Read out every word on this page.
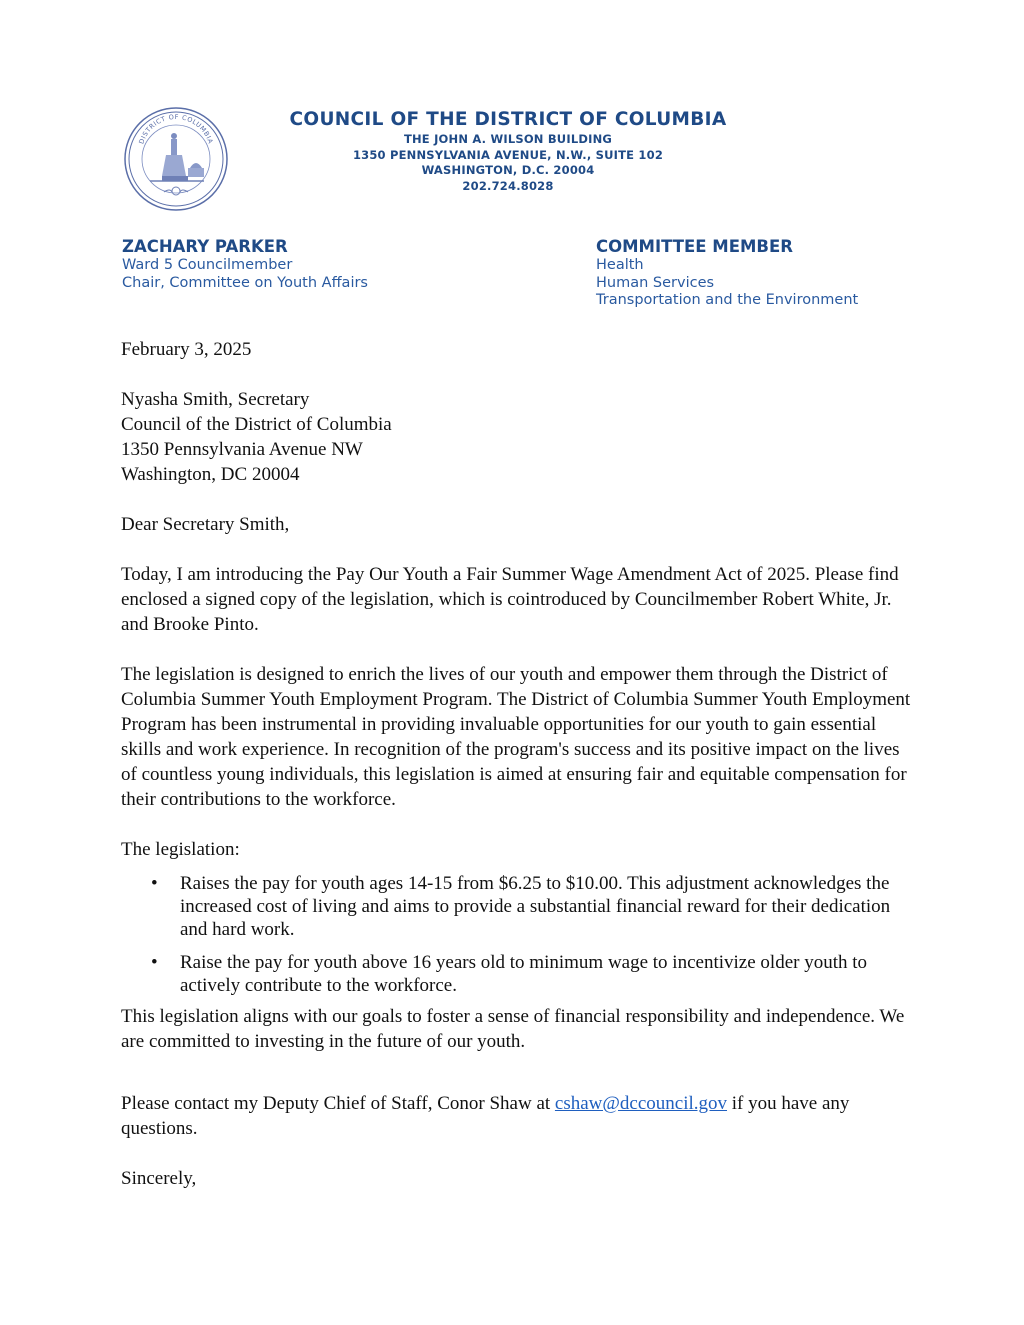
DISTRICT OF COLUMBIA
COUNCIL OF THE DISTRICT OF COLUMBIA
THE JOHN A. WILSON BUILDING
1350 PENNSYLVANIA AVENUE, N.W., SUITE 102
WASHINGTON, D.C. 20004
202.724.8028
ZACHARY PARKER
Ward 5 Councilmember
Chair, Committee on Youth Affairs
COMMITTEE MEMBER
Health
Human Services
Transportation and the Environment

February 3, 2025

Nyasha Smith, Secretary

Council of the District of Columbia

1350 Pennsylvania Avenue NW

Washington, DC 20004

Dear Secretary Smith,

Today, I am introducing the Pay Our Youth a Fair Summer Wage Amendment Act of 2025. Please find enclosed a signed copy of the legislation, which is cointroduced by Councilmember Robert White, Jr. and Brooke Pinto.

The legislation is designed to enrich the lives of our youth and empower them through the District of Columbia Summer Youth Employment Program. The District of Columbia Summer Youth Employment Program has been instrumental in providing invaluable opportunities for our youth to gain essential skills and work experience. In recognition of the program's success and its positive impact on the lives of countless young individuals, this legislation is aimed at ensuring fair and equitable compensation for their contributions to the workforce.

The legislation:

• Raises the pay for youth ages 14-15 from $6.25 to $10.00. This adjustment acknowledges the increased cost of living and aims to provide a substantial financial reward for their dedication and hard work.
• Raise the pay for youth above 16 years old to minimum wage to incentivize older youth to actively contribute to the workforce.

This legislation aligns with our goals to foster a sense of financial responsibility and independence. We are committed to investing in the future of our youth.

Please contact my Deputy Chief of Staff, Conor Shaw at cshaw@dccouncil.gov if you have any questions.

Sincerely,
